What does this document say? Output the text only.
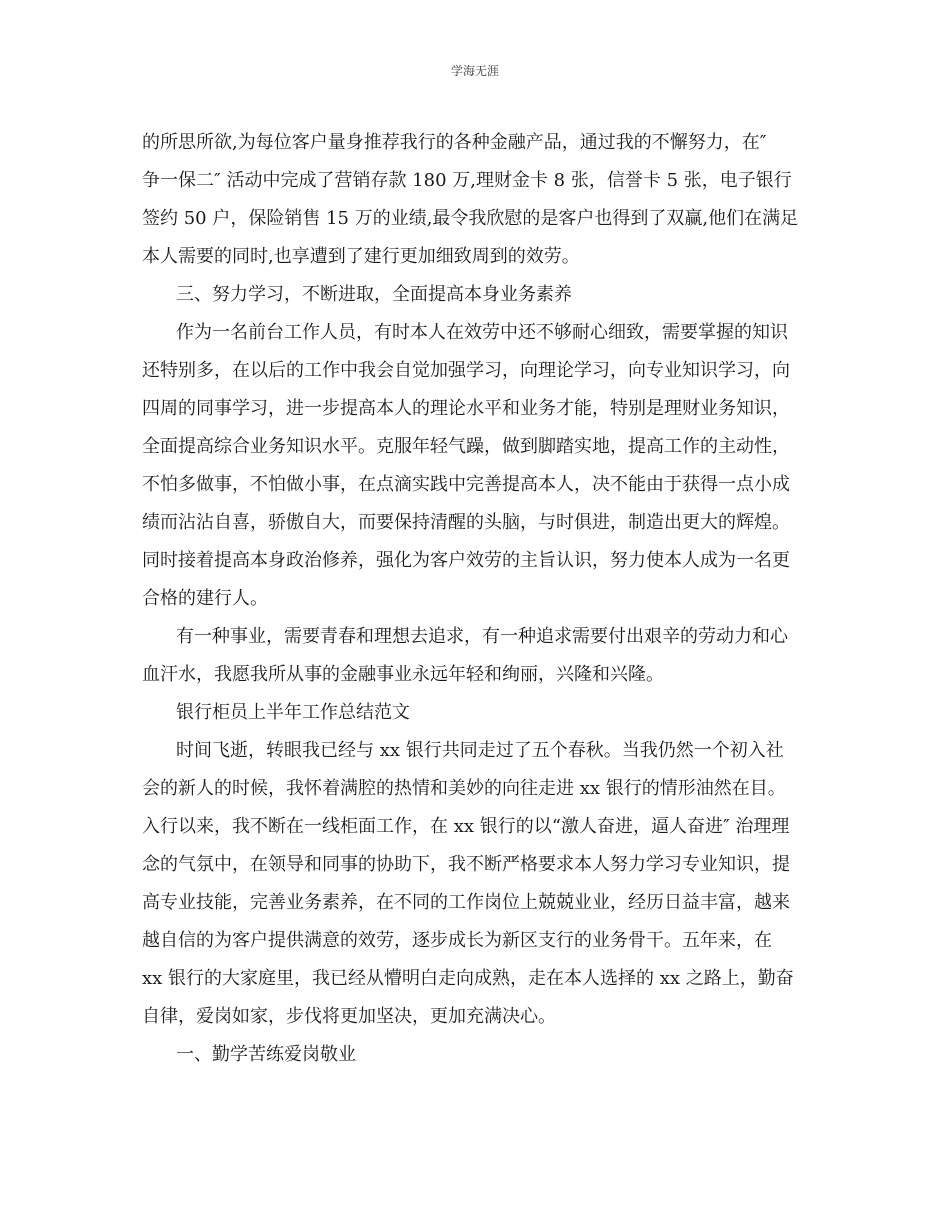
学海无涯
的所思所欲,为每位客户量身推荐我行的各种金融产品，通过我的不懈努力，在″
争一保二″ 活动中完成了营销存款 180 万,理财金卡 8 张，信誉卡 5 张，电子银行
签约 50 户，保险销售 15 万的业绩,最令我欣慰的是客户也得到了双赢,他们在满足
本人需要的同时,也享遭到了建行更加细致周到的效劳。
三、努力学习，不断进取，全面提高本身业务素养
作为一名前台工作人员，有时本人在效劳中还不够耐心细致，需要掌握的知识
还特别多，在以后的工作中我会自觉加强学习，向理论学习，向专业知识学习，向
四周的同事学习，进一步提高本人的理论水平和业务才能，特别是理财业务知识，
全面提高综合业务知识水平。克服年轻气躁，做到脚踏实地，提高工作的主动性，
不怕多做事，不怕做小事，在点滴实践中完善提高本人，决不能由于获得一点小成
绩而沾沾自喜，骄傲自大，而要保持清醒的头脑，与时俱进，制造出更大的辉煌。
同时接着提高本身政治修养，强化为客户效劳的主旨认识，努力使本人成为一名更
合格的建行人。
有一种事业，需要青春和理想去追求，有一种追求需要付出艰辛的劳动力和心
血汗水，我愿我所从事的金融事业永远年轻和绚丽，兴隆和兴隆。
银行柜员上半年工作总结范文
时间飞逝，转眼我已经与 xx 银行共同走过了五个春秋。当我仍然一个初入社
会的新人的时候，我怀着满腔的热情和美妙的向往走进 xx 银行的情形油然在目。
入行以来，我不断在一线柜面工作，在 xx 银行的以“激人奋进，逼人奋进″ 治理理
念的气氛中，在领导和同事的协助下，我不断严格要求本人努力学习专业知识，提
高专业技能，完善业务素养，在不同的工作岗位上兢兢业业，经历日益丰富，越来
越自信的为客户提供满意的效劳，逐步成长为新区支行的业务骨干。五年来，在
xx 银行的大家庭里，我已经从懵明白走向成熟，走在本人选择的 xx 之路上，勤奋
自律，爱岗如家，步伐将更加坚决，更加充满决心。
一、勤学苦练爱岗敬业
